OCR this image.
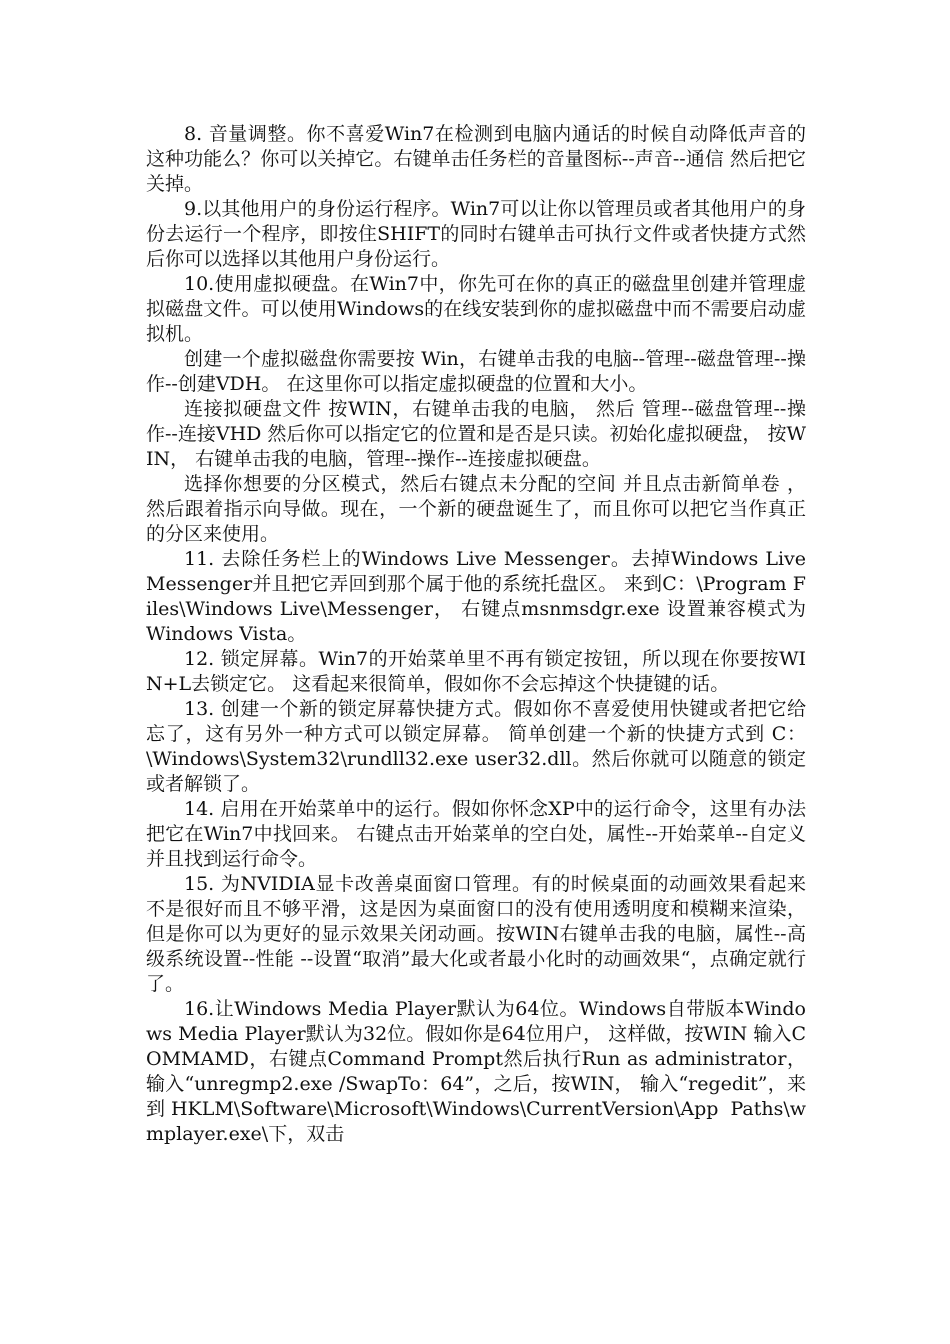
8. 音量调整。你不喜爱Win7在检测到电脑内通话的时候自动降低声音的这种功能么？你可以关掉它。右键单击任务栏的音量图标--声音--通信 然后把它关掉。

9.以其他用户的身份运行程序。Win7可以让你以管理员或者其他用户的身份去运行一个程序，即按住SHIFT的同时右键单击可执行文件或者快捷方式然后你可以选择以其他用户身份运行。

10.使用虚拟硬盘。在Win7中，你先可在你的真正的磁盘里创建并管理虚拟磁盘文件。可以使用Windows的在线安装到你的虚拟磁盘中而不需要启动虚拟机。

创建一个虚拟磁盘你需要按 Win，右键单击我的电脑--管理--磁盘管理--操作--创建VDH。 在这里你可以指定虚拟硬盘的位置和大小。

连接拟硬盘文件 按WIN，右键单击我的电脑， 然后 管理--磁盘管理--操作--连接VHD 然后你可以指定它的位置和是否是只读。初始化虚拟硬盘， 按WIN， 右键单击我的电脑，管理--操作--连接虚拟硬盘。

选择你想要的分区模式，然后右键点未分配的空间 并且点击新简单卷 ， 然后跟着指示向导做。现在，一个新的硬盘诞生了，而且你可以把它当作真正的分区来使用。

11. 去除任务栏上的Windows Live Messenger。去掉Windows Live Messenger并且把它弄回到那个属于他的系统托盘区。 来到C：\Program Files\Windows Live\Messenger， 右键点msnmsdgr.exe 设置兼容模式为Windows Vista。

12. 锁定屏幕。Win7的开始菜单里不再有锁定按钮，所以现在你要按WIN+L去锁定它。 这看起来很简单，假如你不会忘掉这个快捷键的话。

13. 创建一个新的锁定屏幕快捷方式。假如你不喜爱使用快键或者把它给忘了，这有另外一种方式可以锁定屏幕。 简单创建一个新的快捷方式到 C：\Windows\System32\rundll32.exe user32.dll。然后你就可以随意的锁定或者解锁了。

14. 启用在开始菜单中的运行。假如你怀念XP中的运行命令，这里有办法把它在Win7中找回来。 右键点击开始菜单的空白处，属性--开始菜单--自定义并且找到运行命令。

15. 为NVIDIA显卡改善桌面窗口管理。有的时候桌面的动画效果看起来不是很好而且不够平滑，这是因为桌面窗口的没有使用透明度和模糊来渲染，但是你可以为更好的显示效果关闭动画。按WIN右键单击我的电脑，属性--高级系统设置--性能 --设置“取消”最大化或者最小化时的动画效果“，点确定就行了。

16.让Windows Media Player默认为64位。Windows自带版本Windows Media Player默认为32位。假如你是64位用户， 这样做，按WIN 输入COMMAMD，右键点Command Prompt然后执行Run as administrator，输入“unregmp2.exe /SwapTo：64”，之后，按WIN， 输入“regedit”，来到HKLM\Software\Microsoft\Windows\CurrentVersion\App Paths\wmplayer.exe\下，双击
